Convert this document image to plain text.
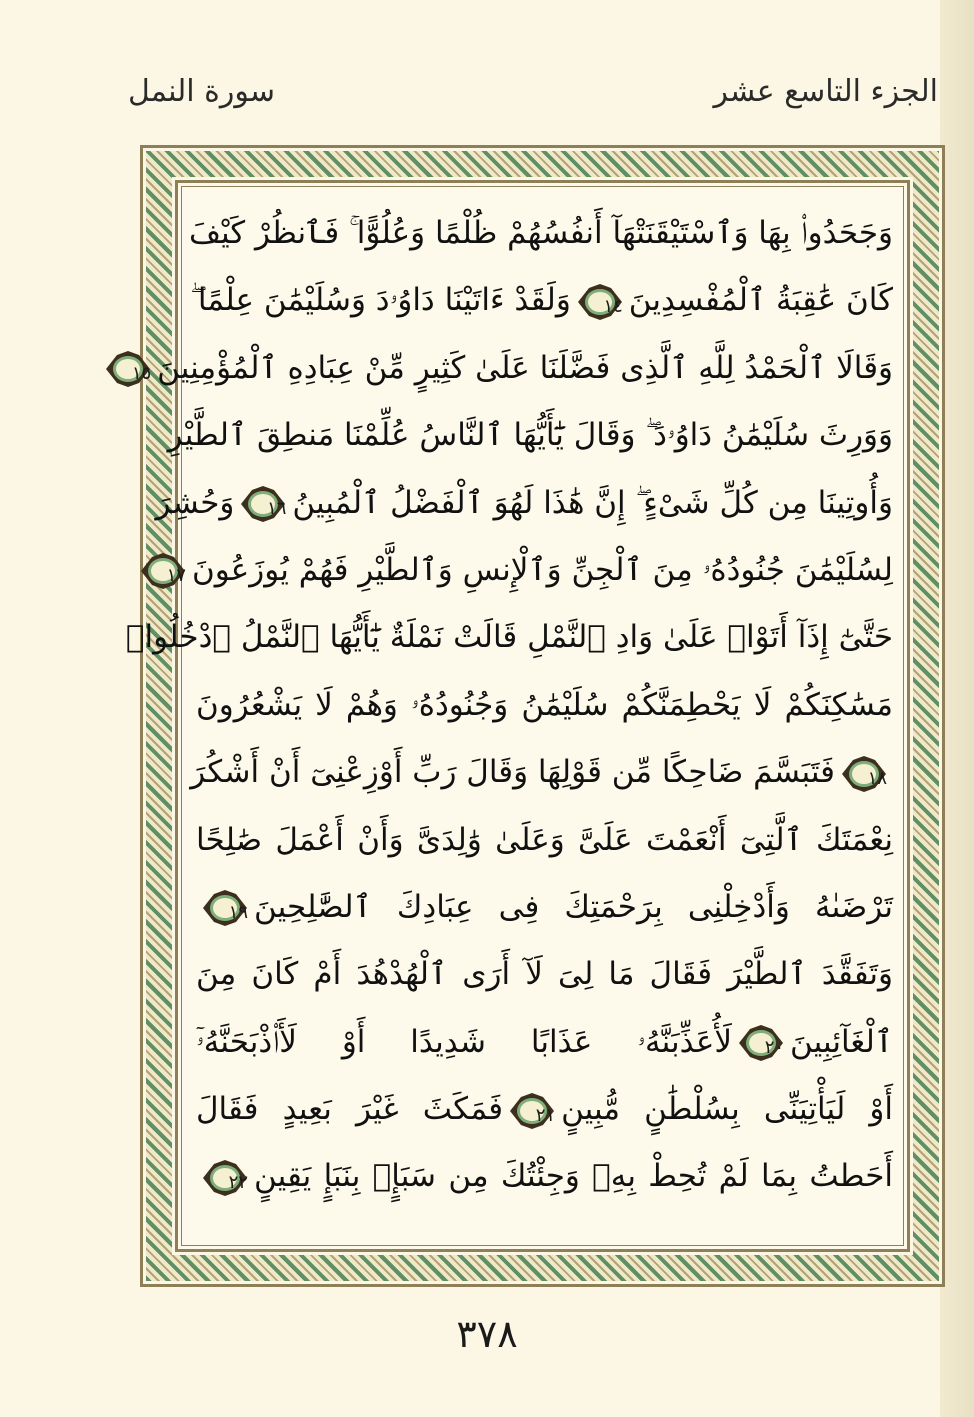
الجزء التاسع عشر
سورة النمل
وَجَحَدُوا۟ بِهَا وَٱسْتَيْقَنَتْهَآ أَنفُسُهُمْ ظُلْمًا وَعُلُوًّا ۚ فَٱنظُرْ كَيْفَ
كَانَ عَٰقِبَةُ ٱلْمُفْسِدِينَ
١٤وَلَقَدْ ءَاتَيْنَا دَاوُۥدَ وَسُلَيْمَٰنَ عِلْمًا ۖ
وَقَالَا ٱلْحَمْدُ لِلَّهِ ٱلَّذِى فَضَّلَنَا عَلَىٰ كَثِيرٍ مِّنْ عِبَادِهِ ٱلْمُؤْمِنِينَ
١٥
وَوَرِثَ سُلَيْمَٰنُ دَاوُۥدَ ۖ وَقَالَ يَٰٓأَيُّهَا ٱلنَّاسُ عُلِّمْنَا مَنطِقَ ٱلطَّيْرِ
وَأُوتِينَا مِن كُلِّ شَىْءٍ ۖ إِنَّ هَٰذَا لَهُوَ ٱلْفَضْلُ ٱلْمُبِينُ
١٦وَحُشِرَ
لِسُلَيْمَٰنَ جُنُودُهُۥ مِنَ ٱلْجِنِّ وَٱلْإِنسِ وَٱلطَّيْرِ فَهُمْ يُوزَعُونَ
١٧
حَتَّىٰٓ إِذَآ أَتَوْا۟ عَلَىٰ وَادِ ٱلنَّمْلِ قَالَتْ نَمْلَةٌ يَٰٓأَيُّهَا ٱلنَّمْلُ ٱدْخُلُوا۟
مَسَٰكِنَكُمْ لَا يَحْطِمَنَّكُمْ سُلَيْمَٰنُ وَجُنُودُهُۥ وَهُمْ لَا يَشْعُرُونَ
١٨فَتَبَسَّمَ ضَاحِكًا مِّن قَوْلِهَا وَقَالَ رَبِّ أَوْزِعْنِىٓ أَنْ أَشْكُرَ
نِعْمَتَكَ ٱلَّتِىٓ أَنْعَمْتَ عَلَىَّ وَعَلَىٰ وَٰلِدَىَّ وَأَنْ أَعْمَلَ صَٰلِحًا
تَرْضَىٰهُ وَأَدْخِلْنِى بِرَحْمَتِكَ فِى عِبَادِكَ ٱلصَّٰلِحِينَ
١٩
وَتَفَقَّدَ ٱلطَّيْرَ فَقَالَ مَا لِىَ لَآ أَرَى ٱلْهُدْهُدَ أَمْ كَانَ مِنَ
ٱلْغَآئِبِينَ
٢٠لَأُعَذِّبَنَّهُۥ عَذَابًا شَدِيدًا أَوْ لَأَا۟ذْبَحَنَّهُۥٓ
أَوْ لَيَأْتِيَنِّى بِسُلْطَٰنٍ مُّبِينٍ
٢١فَمَكَثَ غَيْرَ بَعِيدٍ فَقَالَ
أَحَطتُ بِمَا لَمْ تُحِطْ بِهِۦ وَجِئْتُكَ مِن سَبَإٍۭ بِنَبَإٍ يَقِينٍ
٢٢
٣٧٨
